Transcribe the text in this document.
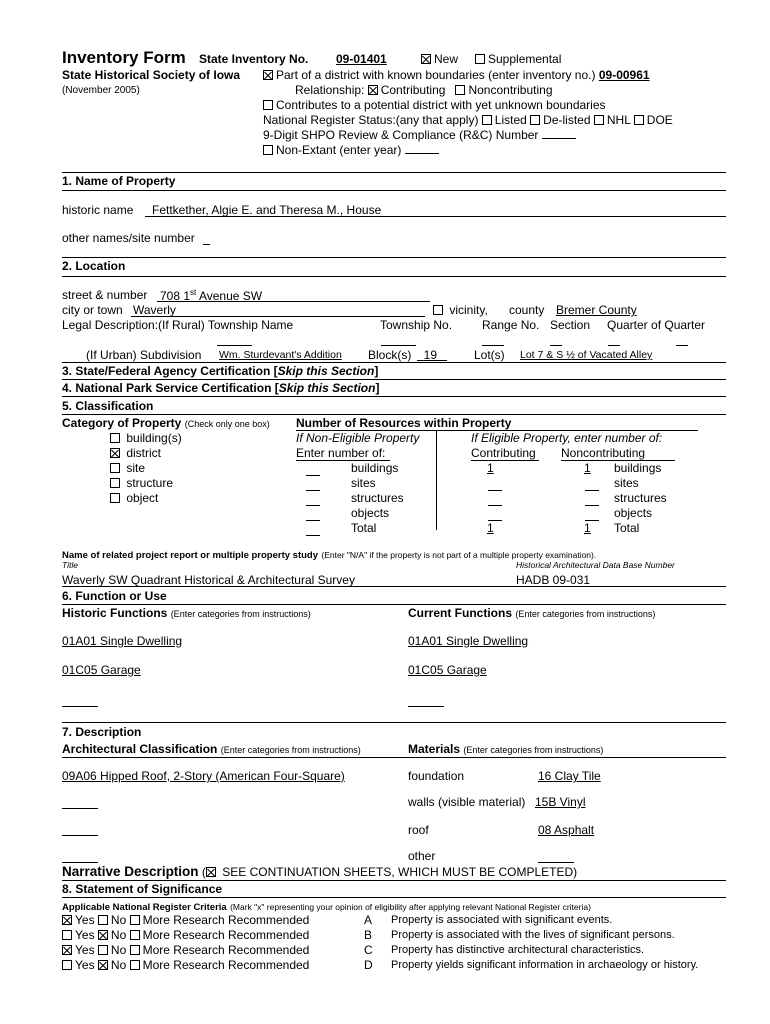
Inventory Form State Inventory No. 09-01401	New	Supplemental
State Historical Society of Iowa	Part of a district with known boundaries (enter inventory no.) 09-00961
(November 2005)	Relationship: Contributing Noncontributing
Contributes to a potential district with yet unknown boundaries
National Register Status:(any that apply) Listed De-listed NHL DOE
9-Digit SHPO Review & Compliance (R&C) Number
Non-Extant (enter year)
1. Name of Property
historic name Fettkether, Algie E. and Theresa M., House
other names/site number
2. Location
street & number 708 1st Avenue SW
city or town Waverly	vicinity, county Bremer County
Legal Description:(If Rural) Township Name	Township No. Range No. Section Quarter of Quarter
(If Urban) Subdivision Wm. Sturdevant's Addition Block(s)	19	Lot(s) Lot 7 & S ½ of Vacated Alley
3. State/Federal Agency Certification [Skip this Section]
4. National Park Service Certification [Skip this Section]
5. Classification
Category of Property (Check only one box)
building(s)
district
site
structure
object
Number of Resources within Property
If Non-Eligible Property	If Eligible Property, enter number of:
Enter number of:	Contributing Noncontributing
buildings	1	1 buildings
sites	sites
structures	structures
objects	objects
Total	1	1 Total
Name of related project report or multiple property study (Enter "N/A" if the property is not part of a multiple property examination).
Title	Historical Architectural Data Base Number
Waverly SW Quadrant Historical & Architectural Survey	HADB 09-031
6. Function or Use
Historic Functions (Enter categories from instructions)	Current Functions (Enter categories from instructions)
01A01 Single Dwelling	01A01 Single Dwelling
01C05 Garage	01C05 Garage
7. Description
Architectural Classification (Enter categories from instructions)	Materials (Enter categories from instructions)
09A06 Hipped Roof, 2-Story (American Four-Square)	foundation	16 Clay Tile
walls (visible material) 15B Vinyl
roof	08 Asphalt
other
Narrative Description ( SEE CONTINUATION SHEETS, WHICH MUST BE COMPLETED)
8. Statement of Significance
Applicable National Register Criteria (Mark "x" representing your opinion of eligibility after applying relevant National Register criteria)
Yes No More Research Recommended	A Property is associated with significant events.
Yes No More Research Recommended	B Property is associated with the lives of significant persons.
Yes No More Research Recommended	C Property has distinctive architectural characteristics.
Yes No More Research Recommended	D Property yields significant information in archaeology or history.
